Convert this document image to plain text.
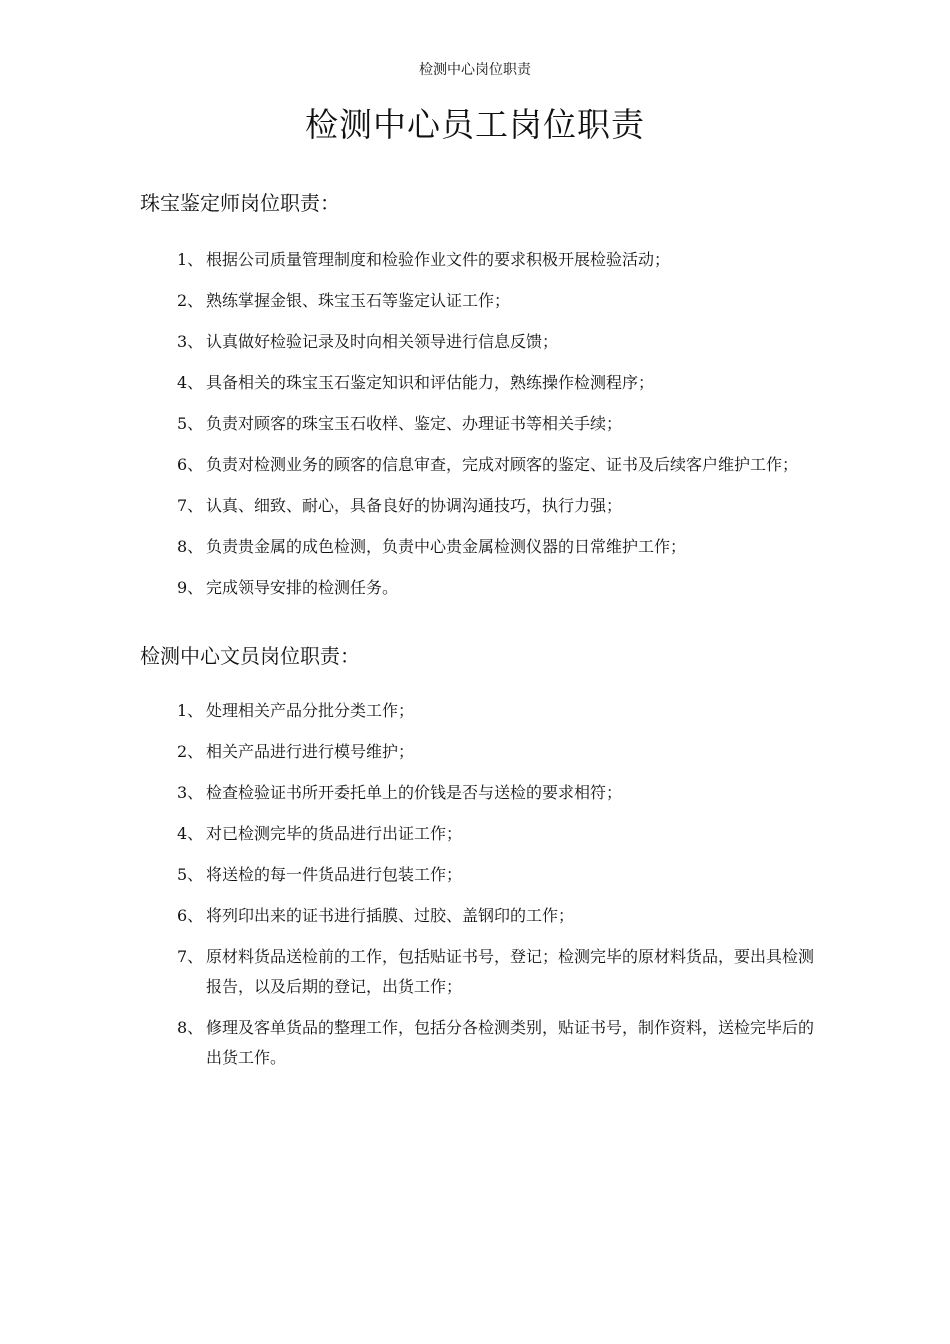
检测中心岗位职责
检测中心员工岗位职责
珠宝鉴定师岗位职责：
1、 根据公司质量管理制度和检验作业文件的要求积极开展检验活动；
2、 熟练掌握金银、珠宝玉石等鉴定认证工作；
3、 认真做好检验记录及时向相关领导进行信息反馈；
4、 具备相关的珠宝玉石鉴定知识和评估能力，熟练操作检测程序；
5、 负责对顾客的珠宝玉石收样、鉴定、办理证书等相关手续；
6、 负责对检测业务的顾客的信息审查，完成对顾客的鉴定、证书及后续客户维护工作；
7、 认真、细致、耐心，具备良好的协调沟通技巧，执行力强；
8、 负责贵金属的成色检测，负责中心贵金属检测仪器的日常维护工作；
9、 完成领导安排的检测任务。
检测中心文员岗位职责：
1、 处理相关产品分批分类工作；
2、 相关产品进行进行模号维护；
3、 检查检验证书所开委托单上的价钱是否与送检的要求相符；
4、 对已检测完毕的货品进行出证工作；
5、 将送检的每一件货品进行包装工作；
6、 将列印出来的证书进行插膜、过胶、盖钢印的工作；
7、 原材料货品送检前的工作，包括贴证书号，登记；检测完毕的原材料货品，要出具检测报告，以及后期的登记，出货工作；
8、 修理及客单货品的整理工作，包括分各检测类别，贴证书号，制作资料，送检完毕后的出货工作。
